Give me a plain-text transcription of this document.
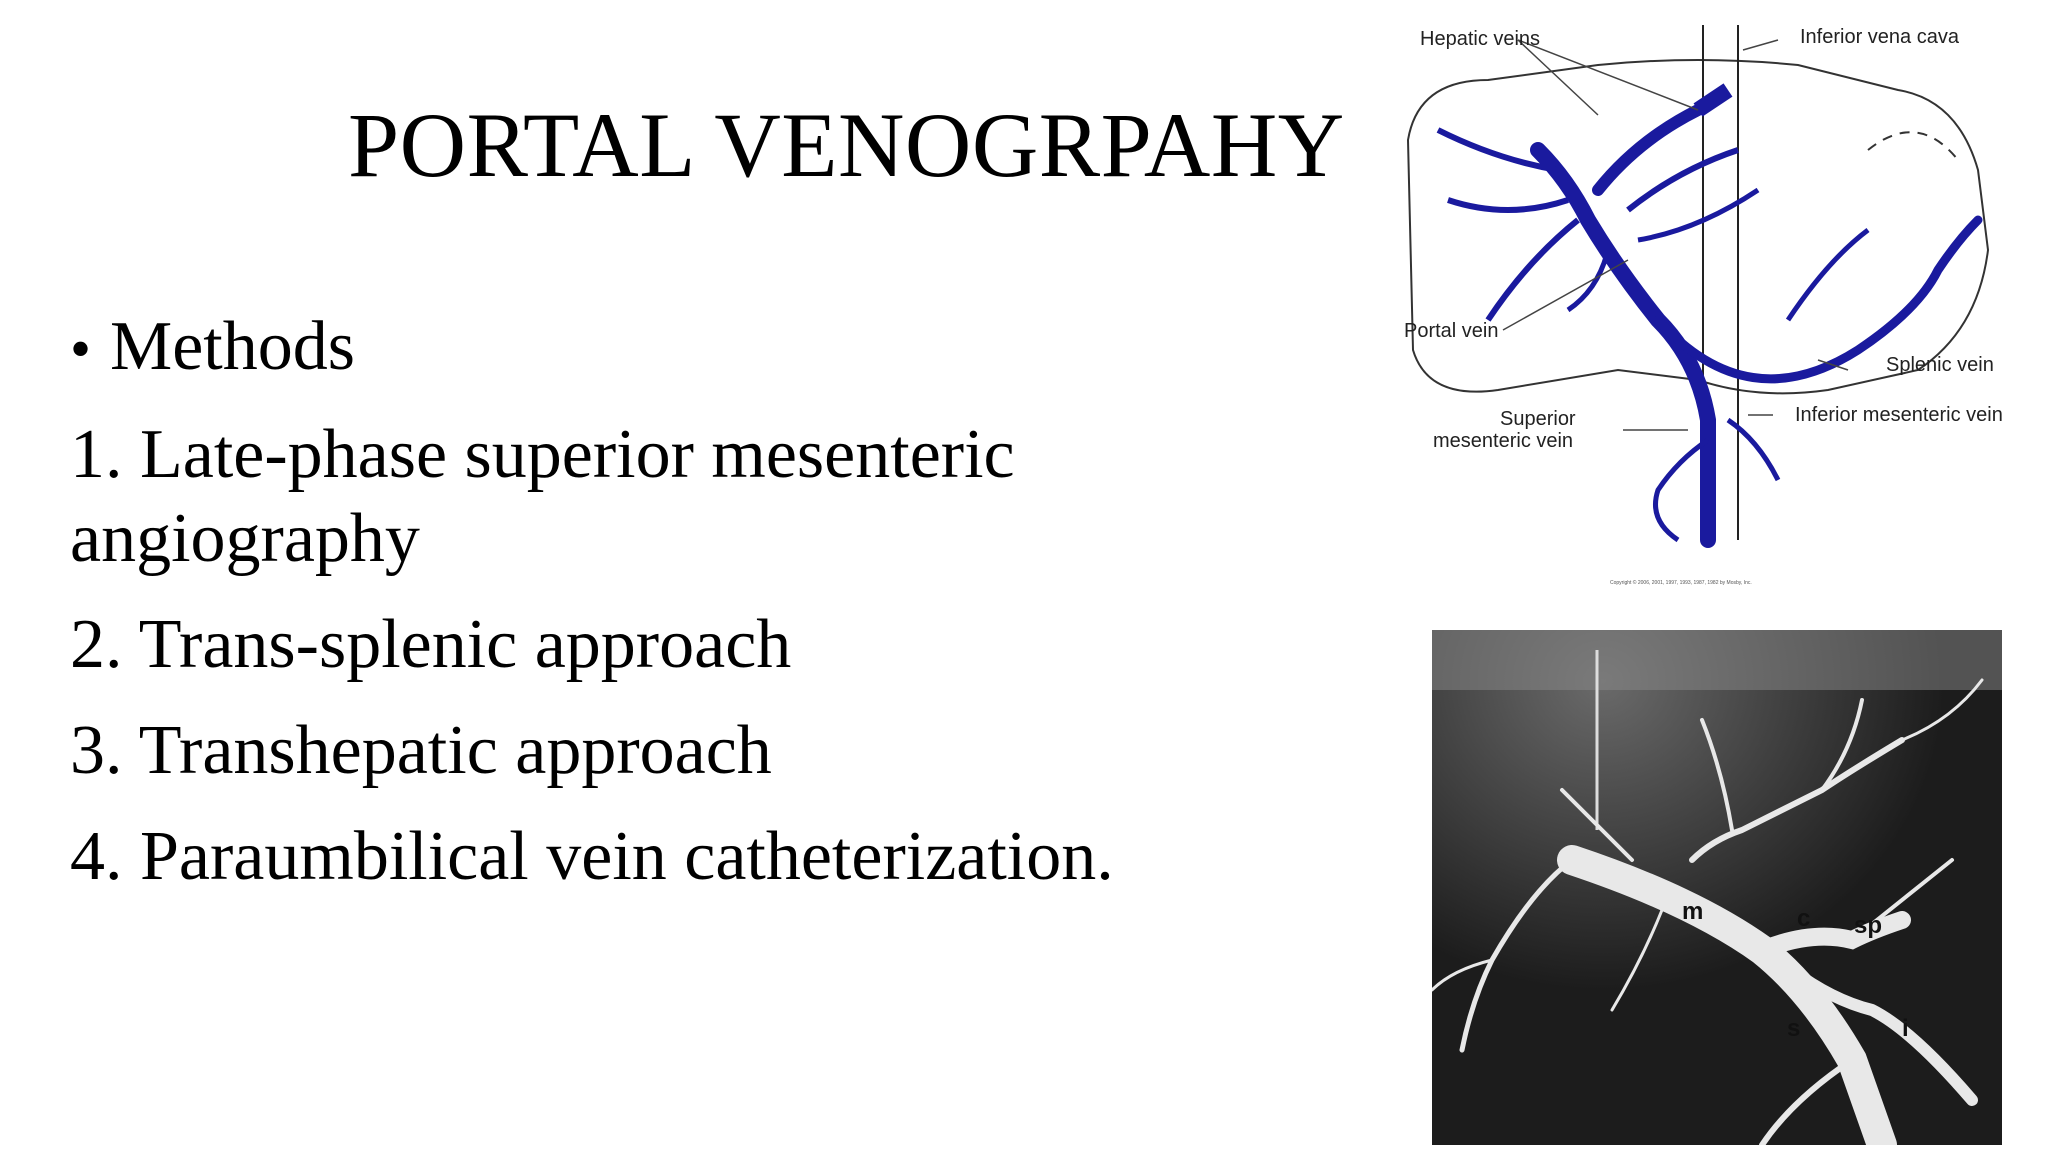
PORTAL VENOGRPAHY
• Methods
1. Late-phase superior mesenteric angiography
2. Trans-splenic approach
3. Transhepatic approach
4. Paraumbilical vein catheterization.
Hepatic veins	Inferior vena cava
Portal vein
Splenic vein
Inferior mesenteric vein
Superior
mesenteric vein
Copyright © 2006, 2001, 1997, 1993, 1987, 1982 by Mosby, Inc.
m	c sp
s	i
